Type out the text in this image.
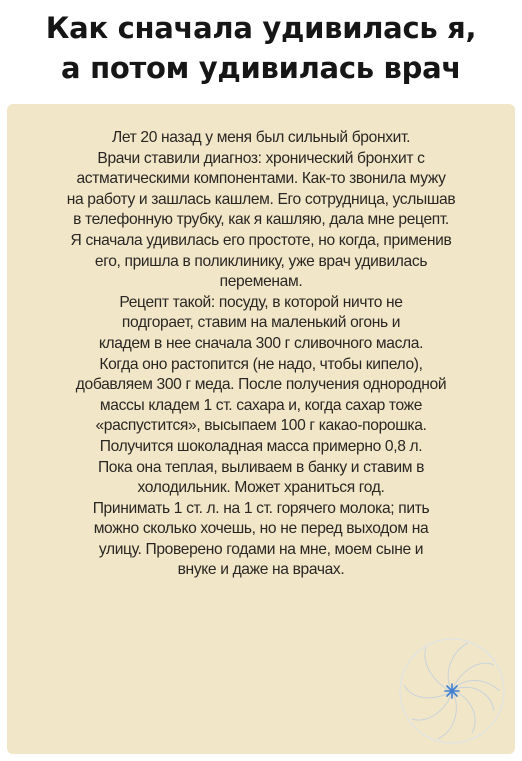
Как сначала удивилась я,
а потом удивилась врач

Лет 20 назад у меня был сильный бронхит.
Врачи ставили диагноз: хронический бронхит с
астматическими компонентами. Как-то звонила мужу
на работу и зашлась кашлем. Его сотрудница, услышав
в телефонную трубку, как я кашляю, дала мне рецепт.
Я сначала удивилась его простоте, но когда, применив
его, пришла в поликлинику, уже врач удивилась
переменам.

Рецепт такой: посуду, в которой ничто не
подгорает, ставим на маленький огонь и
кладем в нее сначала 300 г сливочного масла.
Когда оно растопится (не надо, чтобы кипело),
добавляем 300 г меда. После получения однородной
массы кладем 1 ст. сахара и, когда сахар тоже
«распустится», высыпаем 100 г какао-порошка.
Получится шоколадная масса примерно 0,8 л.
Пока она теплая, выливаем в банку и ставим в
холодильник. Может храниться год.
Принимать 1 ст. л. на 1 ст. горячего молока; пить
можно сколько хочешь, но не перед выходом на
улицу. Проверено годами на мне, моем сыне и
внуке и даже на врачах.
